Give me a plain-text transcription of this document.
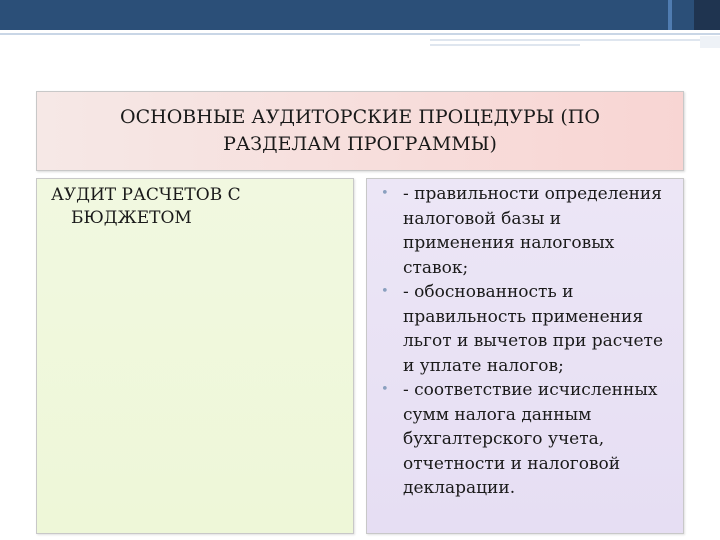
ОСНОВНЫЕ АУДИТОРСКИЕ ПРОЦЕДУРЫ (ПО
РАЗДЕЛАМ ПРОГРАММЫ)
АУДИТ РАСЧЕТОВ С
БЮДЖЕТОМ
• - правильности определения налоговой базы и применения налоговых ставок;
• - обоснованность и правильность применения льгот и вычетов при расчете и уплате налогов;
• - соответствие исчисленных сумм налога данным бухгалтерского учета, отчетности и налоговой декларации.
